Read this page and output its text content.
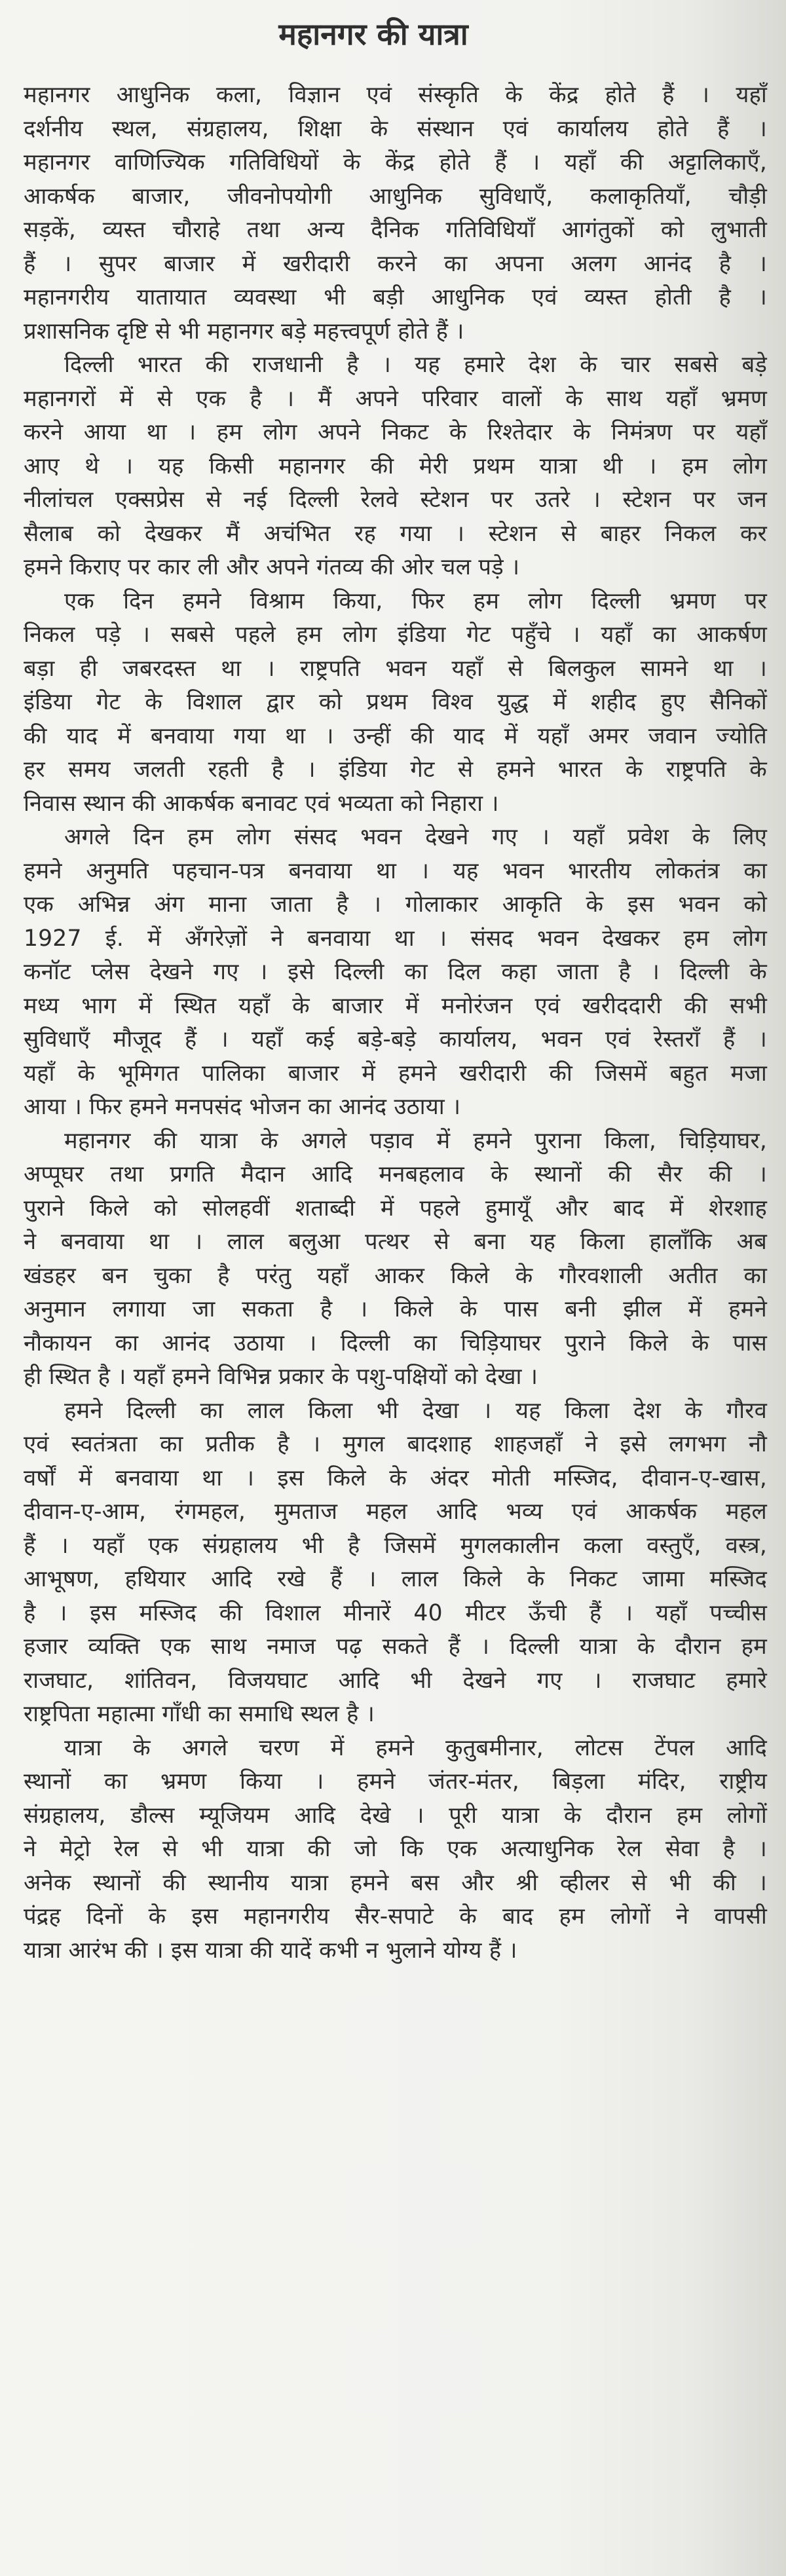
महानगर की यात्रा
महानगर आधुनिक कला, विज्ञान एवं संस्कृति के केंद्र होते हैं । यहाँ
दर्शनीय स्थल, संग्रहालय, शिक्षा के संस्थान एवं कार्यालय होते हैं ।
महानगर वाणिज्यिक गतिविधियों के केंद्र होते हैं । यहाँ की अट्टालिकाएँ,
आकर्षक बाजार, जीवनोपयोगी आधुनिक सुविधाएँ, कलाकृतियाँ, चौड़ी
सड़कें, व्यस्त चौराहे तथा अन्य दैनिक गतिविधियाँ आगंतुकों को लुभाती
हैं । सुपर बाजार में खरीदारी करने का अपना अलग आनंद है ।
महानगरीय यातायात व्यवस्था भी बड़ी आधुनिक एवं व्यस्त होती है ।
प्रशासनिक दृष्टि से भी महानगर बड़े महत्त्वपूर्ण होते हैं ।
दिल्ली भारत की राजधानी है । यह हमारे देश के चार सबसे बड़े
महानगरों में से एक है । मैं अपने परिवार वालों के साथ यहाँ भ्रमण
करने आया था । हम लोग अपने निकट के रिश्तेदार के निमंत्रण पर यहाँ
आए थे । यह किसी महानगर की मेरी प्रथम यात्रा थी । हम लोग
नीलांचल एक्सप्रेस से नई दिल्ली रेलवे स्टेशन पर उतरे । स्टेशन पर जन
सैलाब को देखकर मैं अचंभित रह गया । स्टेशन से बाहर निकल कर
हमने किराए पर कार ली और अपने गंतव्य की ओर चल पड़े ।
एक दिन हमने विश्राम किया, फिर हम लोग दिल्ली भ्रमण पर
निकल पड़े । सबसे पहले हम लोग इंडिया गेट पहुँचे । यहाँ का आकर्षण
बड़ा ही जबरदस्त था । राष्ट्रपति भवन यहाँ से बिलकुल सामने था ।
इंडिया गेट के विशाल द्वार को प्रथम विश्व युद्ध में शहीद हुए सैनिकों
की याद में बनवाया गया था । उन्हीं की याद में यहाँ अमर जवान ज्योति
हर समय जलती रहती है । इंडिया गेट से हमने भारत के राष्ट्रपति के
निवास स्थान की आकर्षक बनावट एवं भव्यता को निहारा ।
अगले दिन हम लोग संसद भवन देखने गए । यहाँ प्रवेश के लिए
हमने अनुमति पहचान-पत्र बनवाया था । यह भवन भारतीय लोकतंत्र का
एक अभिन्न अंग माना जाता है । गोलाकार आकृति के इस भवन को
1927 ई. में अँगरेज़ों ने बनवाया था । संसद भवन देखकर हम लोग
कनॉट प्लेस देखने गए । इसे दिल्ली का दिल कहा जाता है । दिल्ली के
मध्य भाग में स्थित यहाँ के बाजार में मनोरंजन एवं खरीददारी की सभी
सुविधाएँ मौजूद हैं । यहाँ कई बड़े-बड़े कार्यालय, भवन एवं रेस्तराँ हैं ।
यहाँ के भूमिगत पालिका बाजार में हमने खरीदारी की जिसमें बहुत मजा
आया । फिर हमने मनपसंद भोजन का आनंद उठाया ।
महानगर की यात्रा के अगले पड़ाव में हमने पुराना किला, चिड़ियाघर,
अप्पूघर तथा प्रगति मैदान आदि मनबहलाव के स्थानों की सैर की ।
पुराने किले को सोलहवीं शताब्दी में पहले हुमायूँ और बाद में शेरशाह
ने बनवाया था । लाल बलुआ पत्थर से बना यह किला हालाँकि अब
खंडहर बन चुका है परंतु यहाँ आकर किले के गौरवशाली अतीत का
अनुमान लगाया जा सकता है । किले के पास बनी झील में हमने
नौकायन का आनंद उठाया । दिल्ली का चिड़ियाघर पुराने किले के पास
ही स्थित है । यहाँ हमने विभिन्न प्रकार के पशु-पक्षियों को देखा ।
हमने दिल्ली का लाल किला भी देखा । यह किला देश के गौरव
एवं स्वतंत्रता का प्रतीक है । मुगल बादशाह शाहजहाँ ने इसे लगभग नौ
वर्षों में बनवाया था । इस किले के अंदर मोती मस्जिद, दीवान-ए-खास,
दीवान-ए-आम, रंगमहल, मुमताज महल आदि भव्य एवं आकर्षक महल
हैं । यहाँ एक संग्रहालय भी है जिसमें मुगलकालीन कला वस्तुएँ, वस्त्र,
आभूषण, हथियार आदि रखे हैं । लाल किले के निकट जामा मस्जिद
है । इस मस्जिद की विशाल मीनारें 40 मीटर ऊँची हैं । यहाँ पच्चीस
हजार व्यक्ति एक साथ नमाज पढ़ सकते हैं । दिल्ली यात्रा के दौरान हम
राजघाट, शांतिवन, विजयघाट आदि भी देखने गए । राजघाट हमारे
राष्ट्रपिता महात्मा गाँधी का समाधि स्थल है ।
यात्रा के अगले चरण में हमने कुतुबमीनार, लोटस टेंपल आदि
स्थानों का भ्रमण किया । हमने जंतर-मंतर, बिड़ला मंदिर, राष्ट्रीय
संग्रहालय, डौल्स म्यूजियम आदि देखे । पूरी यात्रा के दौरान हम लोगों
ने मेट्रो रेल से भी यात्रा की जो कि एक अत्याधुनिक रेल सेवा है ।
अनेक स्थानों की स्थानीय यात्रा हमने बस और श्री व्हीलर से भी की ।
पंद्रह दिनों के इस महानगरीय सैर-सपाटे के बाद हम लोगों ने वापसी
यात्रा आरंभ की । इस यात्रा की यादें कभी न भुलाने योग्य हैं ।
